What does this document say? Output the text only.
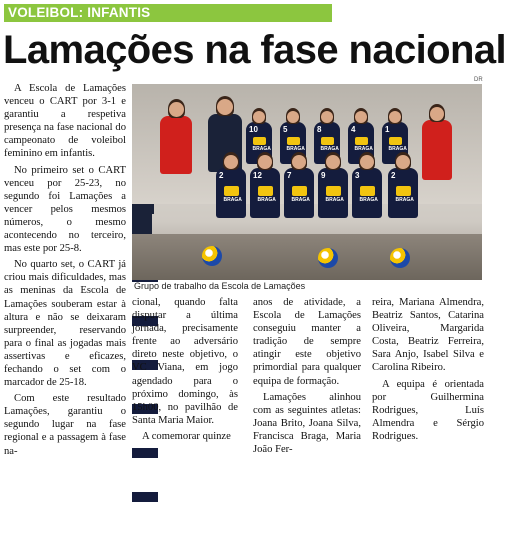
VOLEIBOL: INFANTIS
Lamações na fase nacional

A Escola de Lamações venceu o CART por 3-1 e garantiu a respetiva presença na fase nacional do campeonato de voleibol feminino em infantis.

No primeiro set o CART venceu por 25-23, no segundo foi Lamações a vencer pelos mesmos números, o mesmo acontecendo no terceiro, mas este por 25-8.

No quarto set, o CART já criou mais dificuldades, mas as meninas da Escola de Lamações souberam estar à altura e não se deixaram surpreender, reservando para o final as jogadas mais assertivas e eficazes, fechando o set com o marcador de 25-18.

Com este resultado Lamações, garantiu o segundo lugar na fase regional e a passagem à fase na-

DR
10
BRAGA
5
BRAGA
8
BRAGA
4
BRAGA
1
BRAGA
2
BRAGA
12
BRAGA
7
BRAGA
9
BRAGA
3
BRAGA
2
BRAGA
Grupo de trabalho da Escola de Lamações

cional, quando falta disputar a última jornada, precisamente frente ao adversário direto neste objetivo, o VC Viana, em jogo agendado para o próximo domingo, às 15h00, no pavilhão de Santa Maria Maior.

A comemorar quinze

anos de atividade, a Escola de Lamações conseguiu manter a tradição de sempre atingir este objetivo primordial para qualquer equipa de formação.

Lamações alinhou com as seguintes atletas: Joana Brito, Joana Silva, Francisca Braga, Maria João Fer-

reira, Mariana Almendra, Beatriz Santos, Catarina Oliveira, Margarida Costa, Beatriz Ferreira, Sara Anjo, Isabel Silva e Carolina Ribeiro.

A equipa é orientada por Guilhermina Rodrigues, Luís Almendra e Sérgio Rodrigues.
